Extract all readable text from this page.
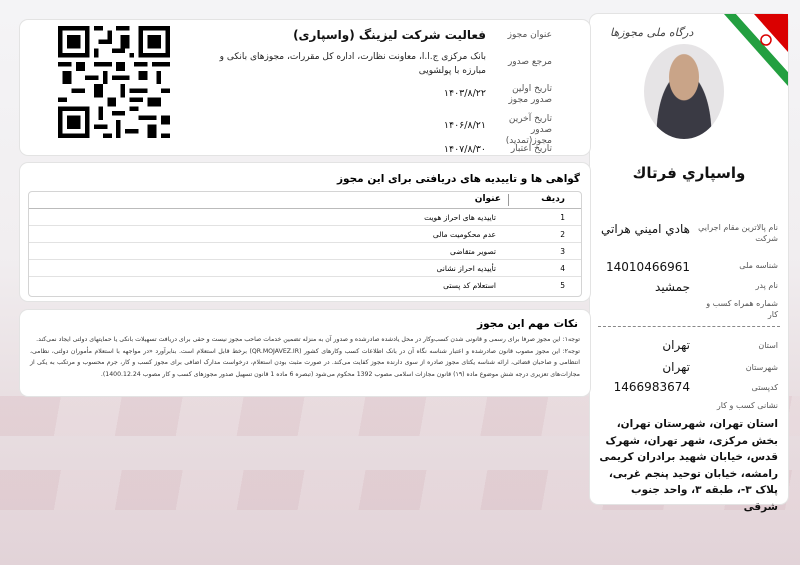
درگاه ملی مجوزها
واسپاري فرتاك
نام پالاترين مقام اجرايي شركت
هادي اميني هراتي
شناسه ملی
14010466961
نام پدر
جمشيد
شماره همراه کسب و کار
استان
تهران
شهرستان
تهران
کدپستی
1466983674
نشانی کسب و کار
استان تهران، شهرستان تهران، بخش مرکزی، شهر تهران، شهرک قدس، خیابان شهید برادران کریمی رامشه، خیابان توحید پنجم غربی، پلاک ۳-، طبقه ۳، واحد جنوب شرقی
عنوان مجوز
مرجع صدور
تاریخ اولین صدور مجوز
تاریخ آخرین صدور مجوز(تمدید)
تاریخ اعتبار
فعالیت شرکت لیزینگ (واسپاری)
بانک مرکزی ج.ا.ا، معاونت نظارت، اداره کل مقررات، مجوزهای بانکی و مبارزه با پولشویی
۱۴۰۳/۸/۲۲
۱۴۰۶/۸/۲۱
۱۴۰۷/۸/۳۰
گواهی ها و تاییدیه های دریافتی برای این مجوز
ردیف
عنوان
1
تاییدیه های احراز هویت
2
عدم محکومیت مالی
3
تصویر متقاضی
4
تأییدیه احراز نشانی
5
استعلام کد پستی
نکات مهم این مجوز

توجه۱: این مجوز صرفا برای رسمی و قانونی شدن کسب‌وکار در محل یادشده صادرشده و صدور آن به منزله تضمین خدمات صاحب مجوز نیست و حقی برای دریافت تسهیلات بانکی یا حمایتهای دولتی ایجاد نمی‌کند.

توجه۲: این مجوز مصوب قانون صادرشده و اعتبار شناسه نگاه آن در بانک اطلاعات کسب وکارهای کشور (QR.MOJAVEZ.IR) برخط قابل استعلام است. بنابرآورد «در مواجهه با استعلام مأموران دولتی، نظامی، انتظامی و صاحبان قضائی، ارائه شناسه یکتای مجوز صادره از سوی دارنده مجوز کفایت می‌کند. در صورت مثبت بودن استعلام، درخواست مدارک اضافی برای مجوز کسب و کار، جرم محسوب و مرتکب به یکی از مجازات‌های تعزیری درجه شش موضوع ماده (۱۹) قانون مجازات اسلامی مصوب 1392 محکوم می‌شود (تبصره 6 ماده 1 قانون تسهیل صدور مجوزهای کسب و کار مصوب 1400.12.24).
